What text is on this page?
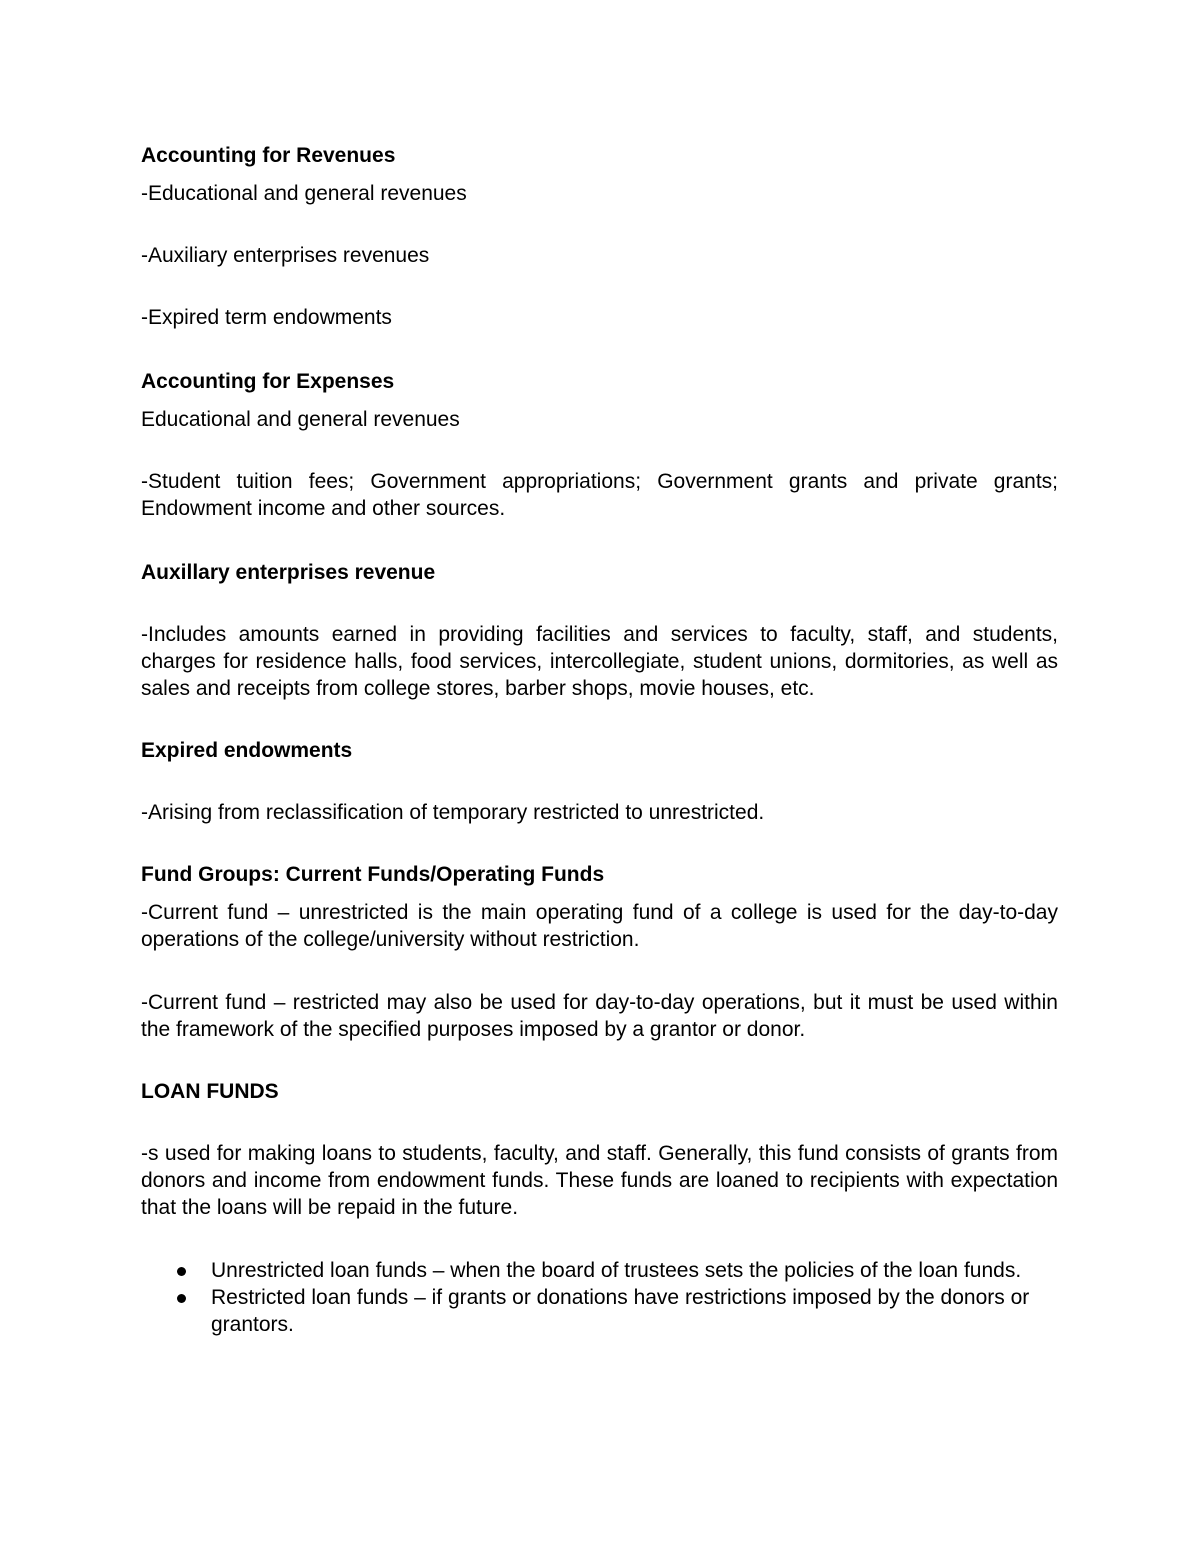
Accounting for Revenues

-Educational and general revenues

-Auxiliary enterprises revenues

-Expired term endowments

Accounting for Expenses

Educational and general revenues

-Student tuition fees; Government appropriations; Government grants and private grants; Endowment income and other sources.

Auxillary enterprises revenue

-Includes amounts earned in providing facilities and services to faculty, staff, and students, charges for residence halls, food services, intercollegiate, student unions, dormitories, as well as sales and receipts from college stores, barber shops, movie houses, etc.

Expired endowments

-Arising from reclassification of temporary restricted to unrestricted.

Fund Groups: Current Funds/Operating Funds

-Current fund – unrestricted is the main operating fund of a college is used for the day-to-day operations of the college/university without restriction.

-Current fund – restricted may also be used for day-to-day operations, but it must be used within the framework of the specified purposes imposed by a grantor or donor.

LOAN FUNDS

-s used for making loans to students, faculty, and staff. Generally, this fund consists of grants from donors and income from endowment funds. These funds are loaned to recipients with expectation that the loans will be repaid in the future.

Unrestricted loan funds – when the board of trustees sets the policies of the loan funds.
Restricted loan funds – if grants or donations have restrictions imposed by the donors or grantors.
